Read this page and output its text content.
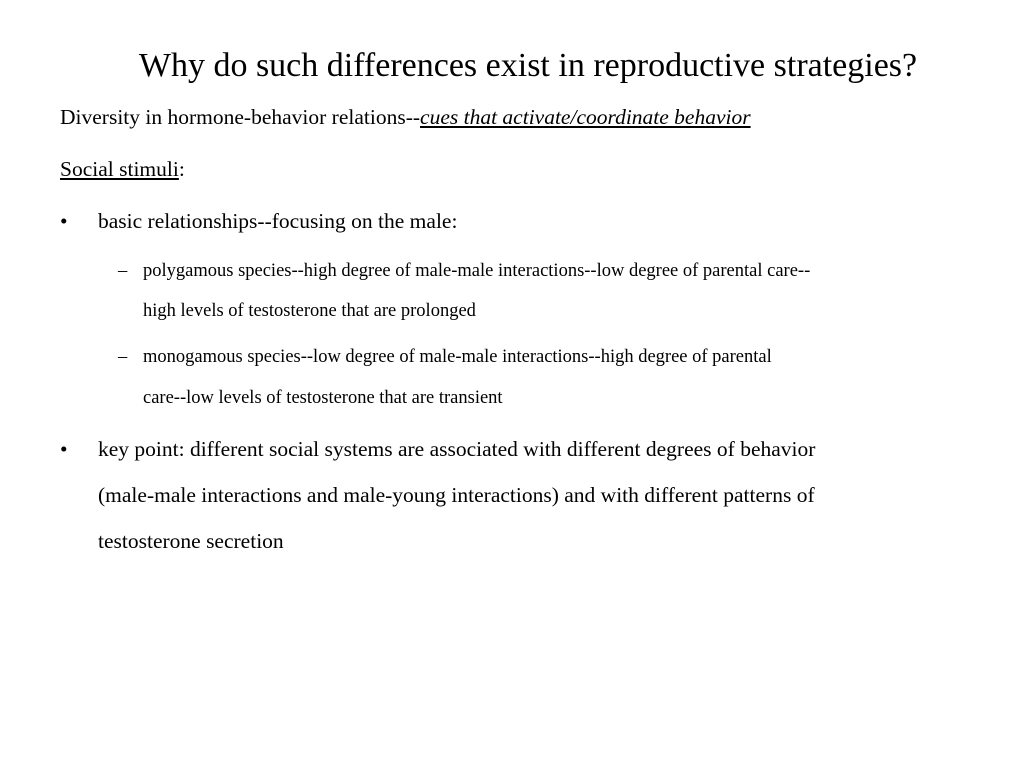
Why do such differences exist in reproductive strategies?
Diversity in hormone-behavior relations--cues that activate/coordinate behavior
Social stimuli:
• basic relationships--focusing on the male:
– polygamous species--high degree of male-male interactions--low degree of parental care--
high levels of testosterone that are prolonged
– monogamous species--low degree of male-male interactions--high degree of parental
care--low levels of testosterone that are transient
• key point: different social systems are associated with different degrees of behavior
(male-male interactions and male-young interactions) and with different patterns of
testosterone secretion
